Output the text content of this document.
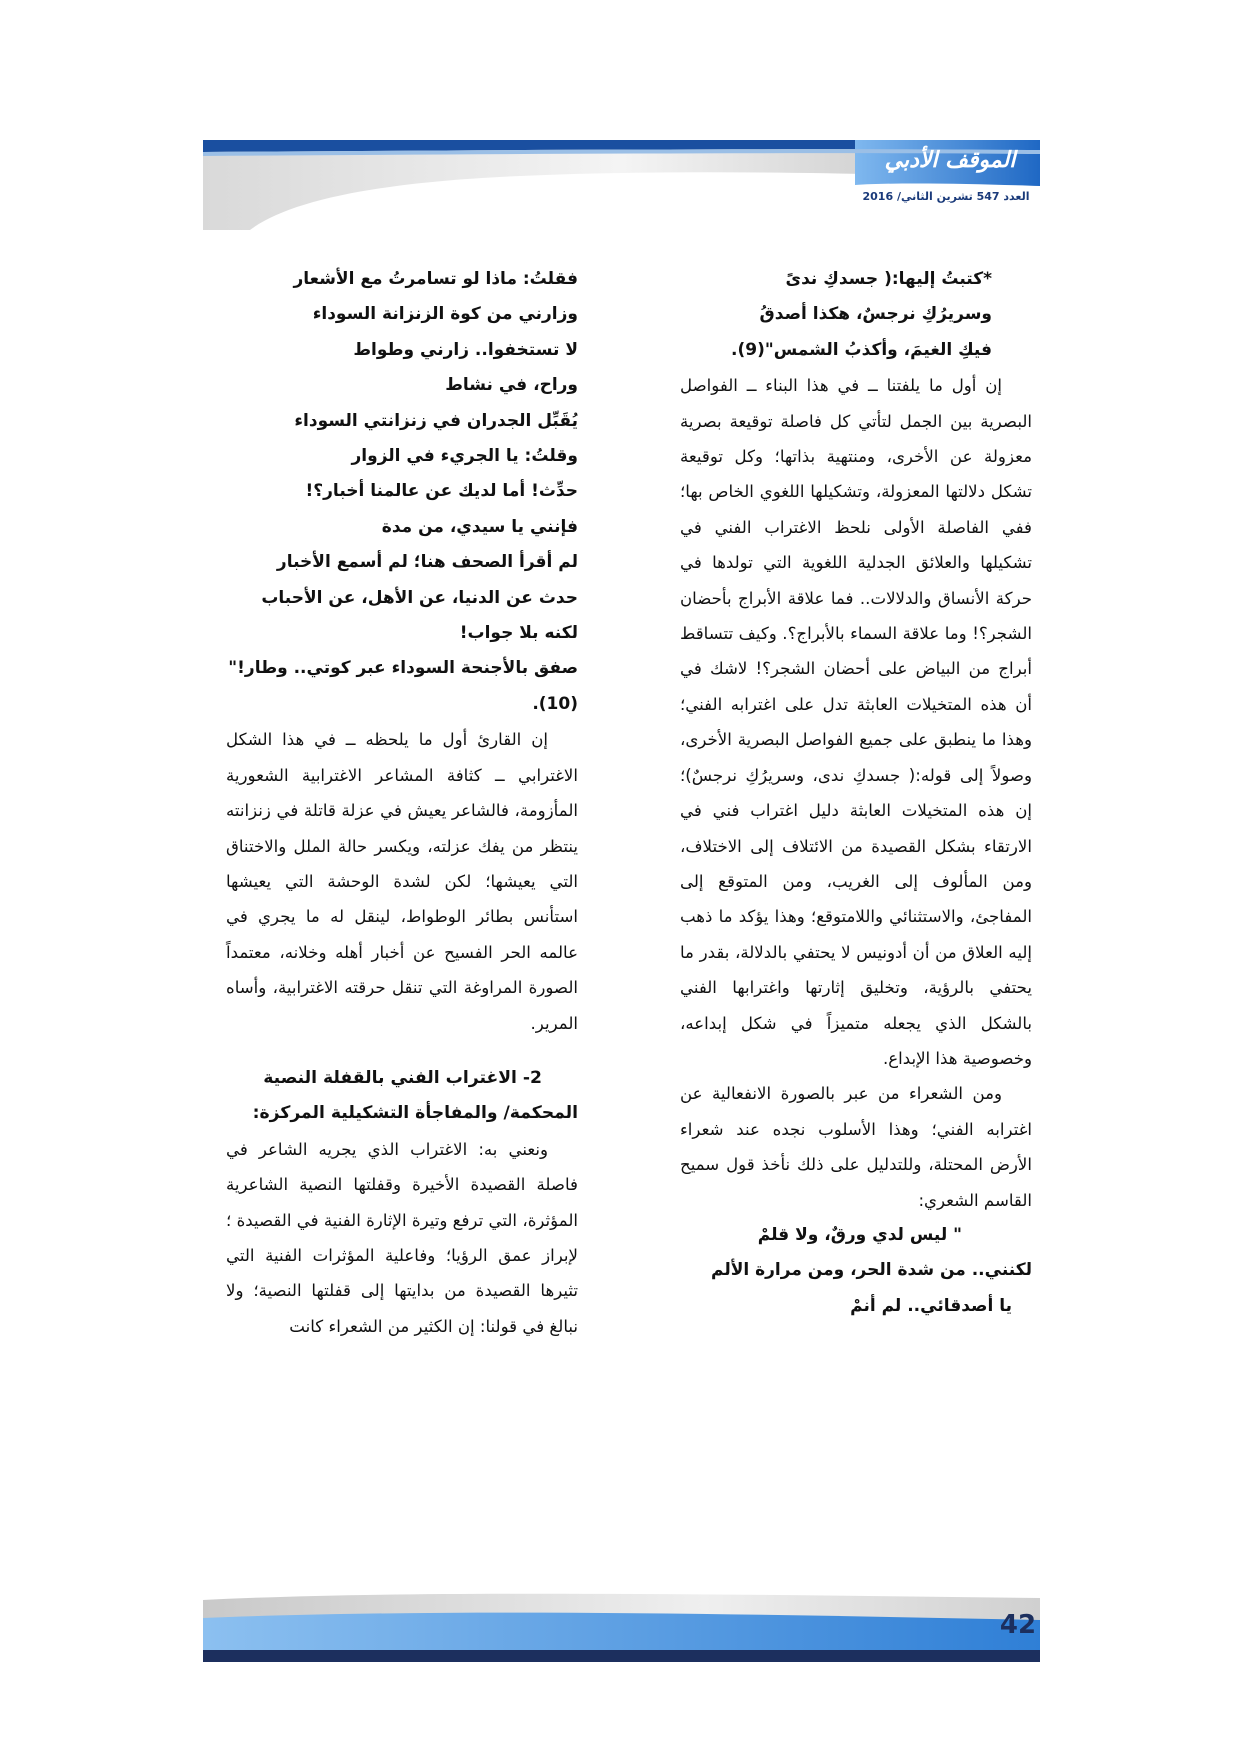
الموقف الأدبي
العدد 547 تشرين الثاني/ 2016

*كتبتُ إليها:( جسدكِ ندىً

وسريرُكِ نرجسٌ، هكذا أصدقُ

فيكِ الغيمَ، وأكذبُ الشمس"(9).

إن أول ما يلفتنا ــ في هذا البناء ــ الفواصل البصرية بين الجمل لتأتي كل فاصلة توقيعة بصرية معزولة عن الأخرى، ومنتهية بذاتها؛ وكل توقيعة تشكل دلالتها المعزولة، وتشكيلها اللغوي الخاص بها؛ ففي الفاصلة الأولى نلحظ الاغتراب الفني في تشكيلها والعلائق الجدلية اللغوية التي تولدها في حركة الأنساق والدلالات.. فما علاقة الأبراج بأحضان الشجر؟! وما علاقة السماء بالأبراج؟. وكيف تتساقط أبراج من البياض على أحضان الشجر؟! لاشك في أن هذه المتخيلات العابثة تدل على اغترابه الفني؛ وهذا ما ينطبق على جميع الفواصل البصرية الأخرى، وصولاً إلى قوله:( جسدكِ ندى، وسريرُكِ نرجسٌ)؛ إن هذه المتخيلات العابثة دليل اغتراب فني في الارتقاء بشكل القصيدة من الائتلاف إلى الاختلاف، ومن المألوف إلى الغريب، ومن المتوقع إلى المفاجئ، والاستثنائي واللامتوقع؛ وهذا يؤكد ما ذهب إليه العلاق من أن أدونيس لا يحتفي بالدلالة، بقدر ما يحتفي بالرؤية، وتخليق إثارتها واغترابها الفني بالشكل الذي يجعله متميزاً في شكل إبداعه، وخصوصية هذا الإبداع.

ومن الشعراء من عبر بالصورة الانفعالية عن اغترابه الفني؛ وهذا الأسلوب نجده عند شعراء الأرض المحتلة، وللتدليل على ذلك نأخذ قول سميح القاسم الشعري:

" ليس لدي ورقٌ، ولا قلمْ

لكنني.. من شدة الحر، ومن مرارة الألم

يا أصدقائي.. لم أنمْ

فقلتُ: ماذا لو تسامرتُ مع الأشعار

وزارني من كوة الزنزانة السوداء

لا تستخفوا.. زارني وطواط

وراح، في نشاط

يُقَبِّل الجدران في زنزانتي السوداء

وقلتُ: يا الجريء في الزوار

حدِّث! أما لديك عن عالمنا أخبار؟!

فإنني يا سيدي، من مدة

لم أقرأ الصحف هنا؛ لم أسمع الأخبار

حدث عن الدنيا، عن الأهل، عن الأحباب

لكنه بلا جواب!

صفق بالأجنحة السوداء عبر كوتي.. وطار!"(10).

إن القارئ أول ما يلحظه ــ في هذا الشكل الاغترابي ــ كثافة المشاعر الاغترابية الشعورية المأزومة، فالشاعر يعيش في عزلة قاتلة في زنزانته ينتظر من يفك عزلته، ويكسر حالة الملل والاختناق التي يعيشها؛ لكن لشدة الوحشة التي يعيشها استأنس بطائر الوطواط، لينقل له ما يجري في عالمه الحر الفسيح عن أخبار أهله وخلانه، معتمداً الصورة المراوغة التي تنقل حرقته الاغترابية، وأساه المرير.

2- الاغتراب الفني بالقفلة النصية

المحكمة/ والمفاجأة التشكيلية المركزة:

ونعني به: الاغتراب الذي يجريه الشاعر في فاصلة القصيدة الأخيرة وقفلتها النصية الشاعرية المؤثرة، التي ترفع وتيرة الإثارة الفنية في القصيدة ؛ لإبراز عمق الرؤيا؛ وفاعلية المؤثرات الفنية التي تثيرها القصيدة من بدايتها إلى قفلتها النصية؛ ولا نبالغ في قولنا: إن الكثير من الشعراء كانت

42
